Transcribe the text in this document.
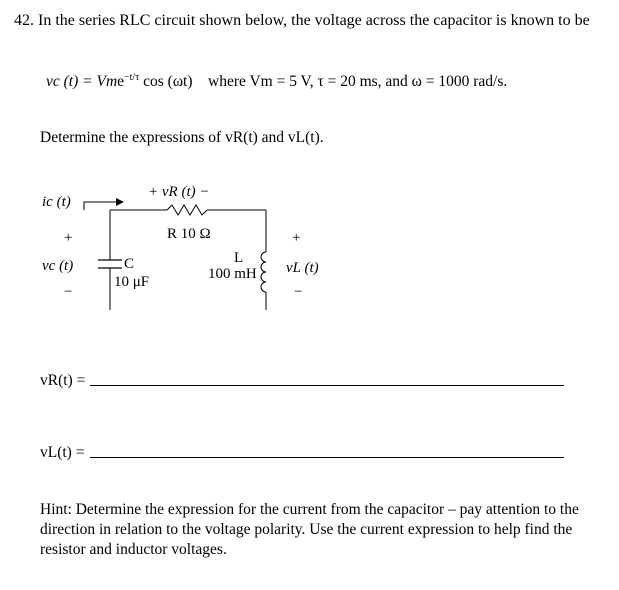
42. In the series RLC circuit shown below, the voltage across the capacitor is known to be
vc (t) = Vme$^{-t/\tau}$ cos (ωt) where Vm = 5 V, τ = 20 ms, and ω = 1000 rad/s.
Determine the expressions of vR(t) and vL(t).
ic (t)
+ vR (t) −
R 10 Ω
+
vc (t)
−
C
10 μF
L
100 mH
+
vL (t)
−
vR(t) =
vL(t) =
Hint: Determine the expression for the current from the capacitor – pay attention to the direction in relation to the voltage polarity. Use the current expression to help find the resistor and inductor voltages.
